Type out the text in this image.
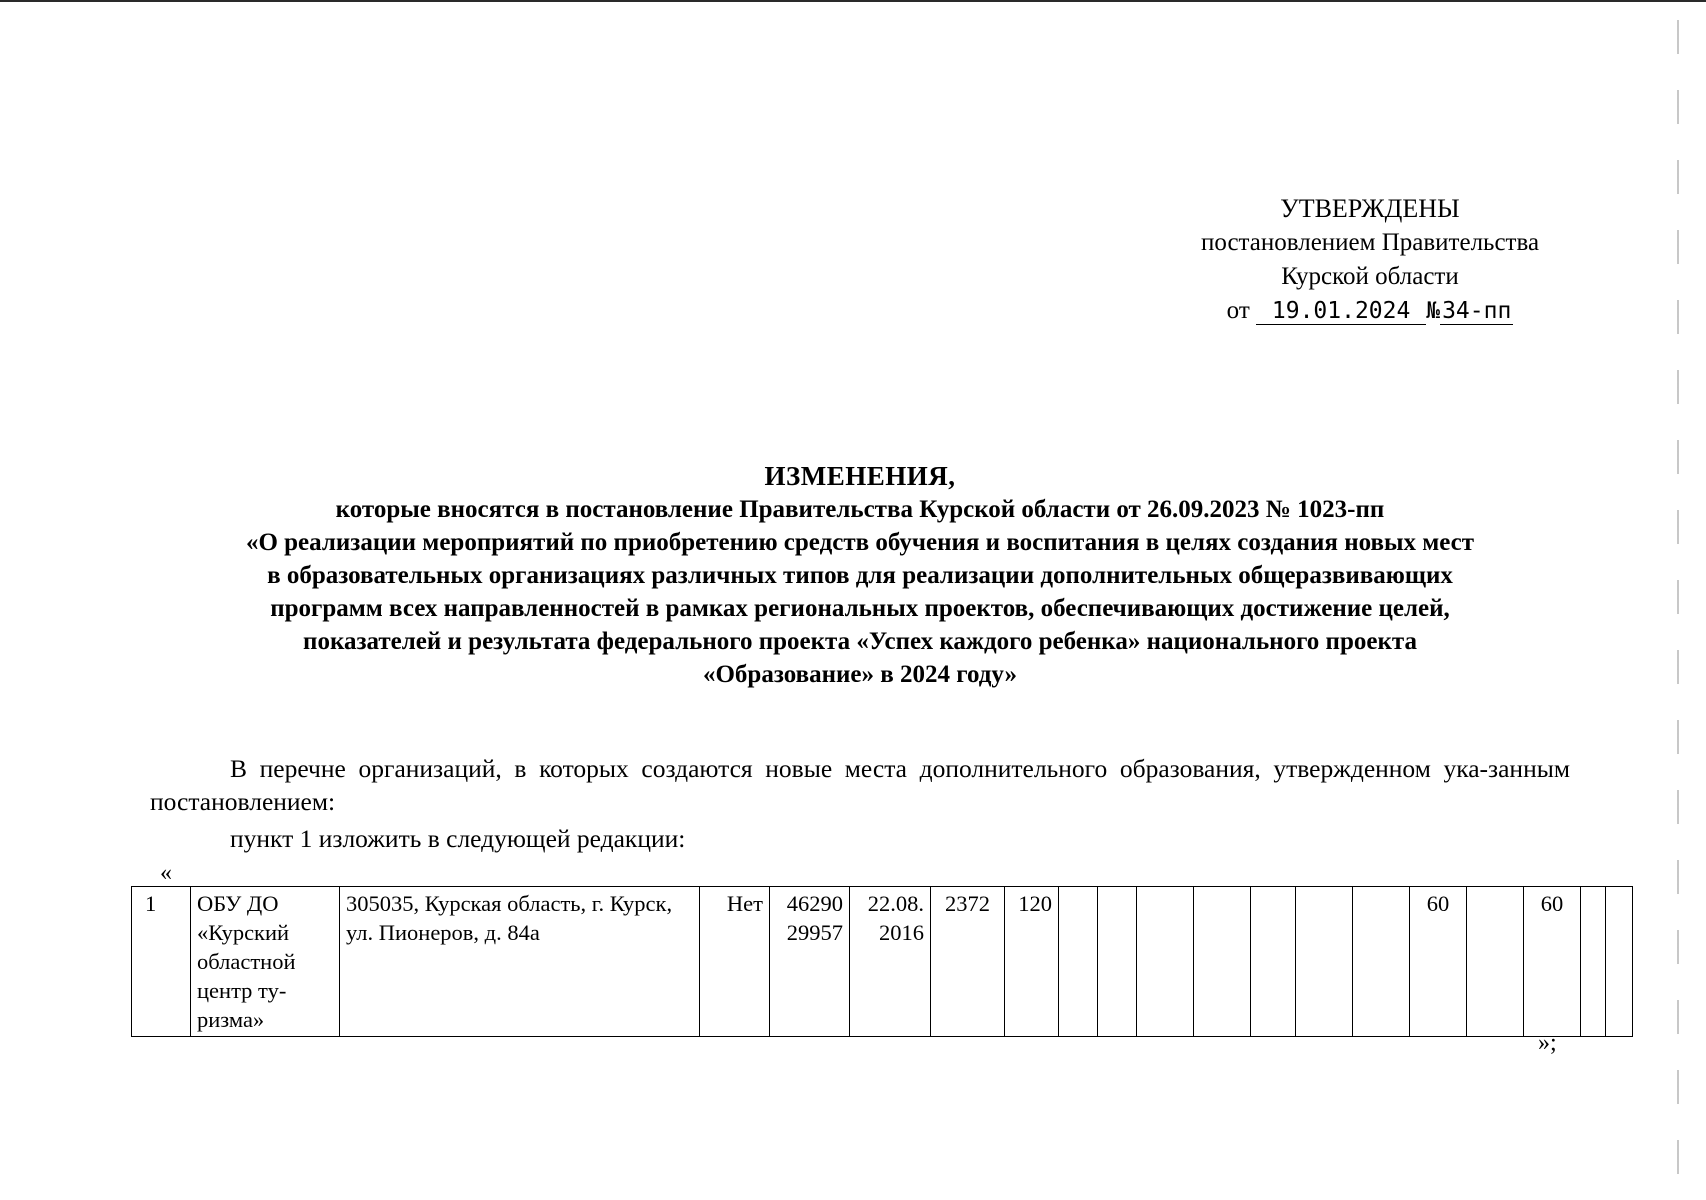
УТВЕРЖДЕНЫ
постановлением Правительства
Курской области
от 19.01.2024 №34-пп
ИЗМЕНЕНИЯ,
которые вносятся в постановление Правительства Курской области от 26.09.2023 № 1023-пп
«О реализации мероприятий по приобретению средств обучения и воспитания в целях создания новых мест
в образовательных организациях различных типов для реализации дополнительных общеразвивающих
программ всех направленностей в рамках региональных проектов, обеспечивающих достижение целей,
показателей и результата федерального проекта «Успех каждого ребенка» национального проекта
«Образование» в 2024 году»
В перечне организаций, в которых создаются новые места дополнительного образования, утвержденном ука-занным постановлением:
пункт 1 изложить в следующей редакции:
«
1	ОБУ ДО «Курский областной центр ту-ризма»	305035, Курская область, г. Курск, ул. Пионеров, д. 84а	Нет	46290 29957	22.08. 2016	2372	120								60		60		
»;
